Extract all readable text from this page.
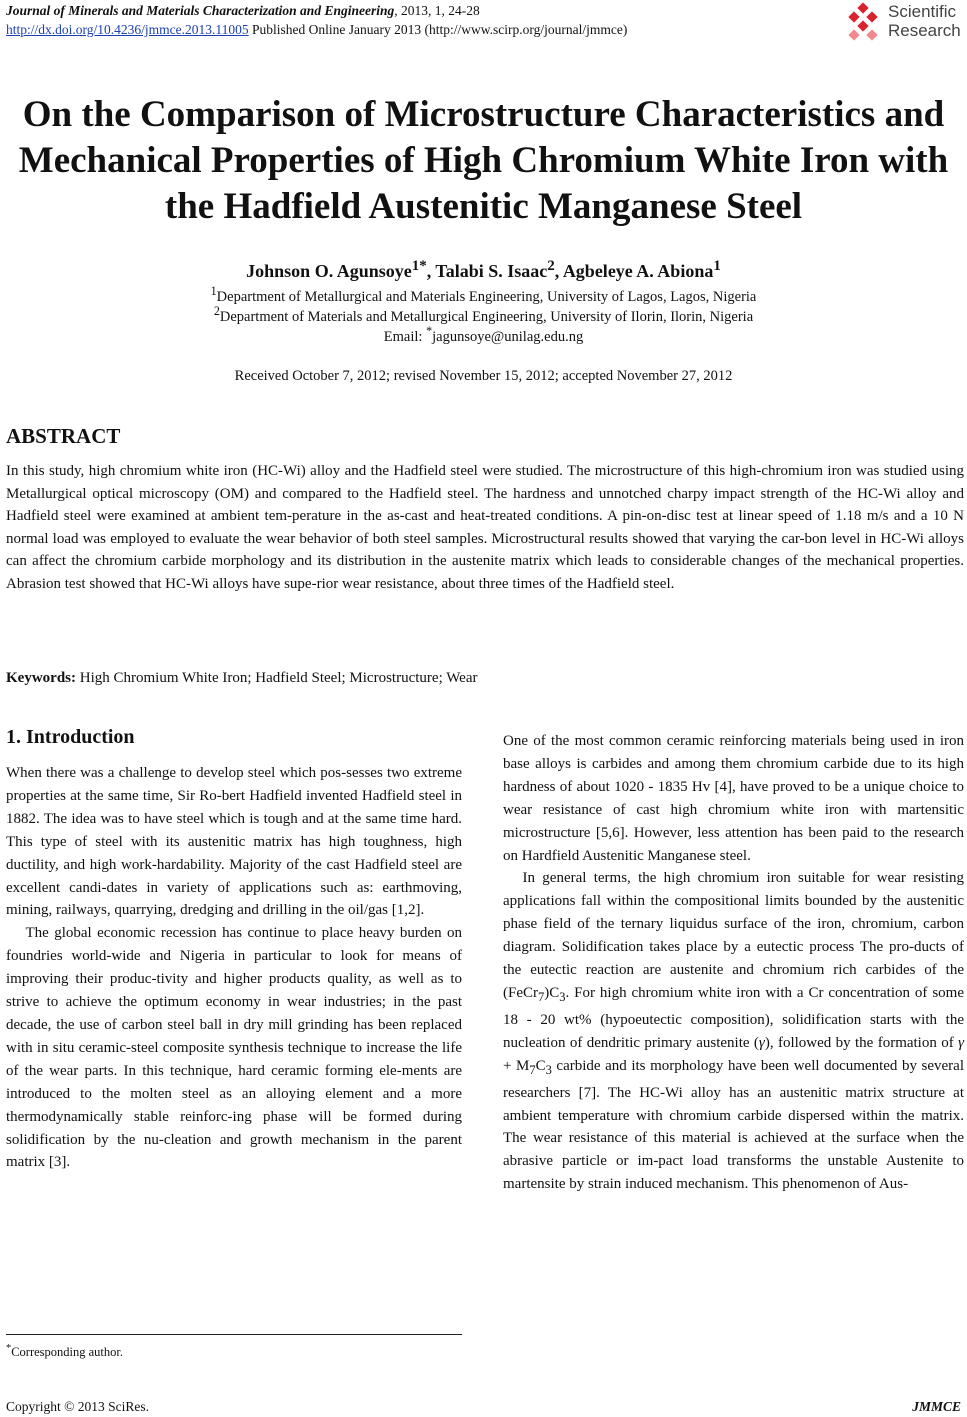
Journal of Minerals and Materials Characterization and Engineering, 2013, 1, 24-28
http://dx.doi.org/10.4236/jmmce.2013.11005 Published Online January 2013 (http://www.scirp.org/journal/jmmce)
Scientific
Research
On the Comparison of Microstructure Characteristics and
Mechanical Properties of High Chromium White Iron with
the Hadfield Austenitic Manganese Steel
Johnson O. Agunsoye$^{1*}$, Talabi S. Isaac$^2$, Agbeleye A. Abiona$^1$
$^1$Department of Metallurgical and Materials Engineering, University of Lagos, Lagos, Nigeria
$^2$Department of Materials and Metallurgical Engineering, University of Ilorin, Ilorin, Nigeria
Email: *jagunsoye@unilag.edu.ng
Received October 7, 2012; revised November 15, 2012; accepted November 27, 2012
ABSTRACT

In this study, high chromium white iron (HC-Wi) alloy and the Hadfield steel were studied. The microstructure of this high-chromium iron was studied using Metallurgical optical microscopy (OM) and compared to the Hadfield steel. The hardness and unnotched charpy impact strength of the HC-Wi alloy and Hadfield steel were examined at ambient tem-perature in the as-cast and heat-treated conditions. A pin-on-disc test at linear speed of 1.18 m/s and a 10 N normal load was employed to evaluate the wear behavior of both steel samples. Microstructural results showed that varying the car-bon level in HC-Wi alloys can affect the chromium carbide morphology and its distribution in the austenite matrix which leads to considerable changes of the mechanical properties. Abrasion test showed that HC-Wi alloys have supe-rior wear resistance, about three times of the Hadfield steel.

Keywords: High Chromium White Iron; Hadfield Steel; Microstructure; Wear
1. Introduction

When there was a challenge to develop steel which pos-sesses two extreme properties at the same time, Sir Ro-bert Hadfield invented Hadfield steel in 1882. The idea was to have steel which is tough and at the same time hard. This type of steel with its austenitic matrix has high toughness, high ductility, and high work-hardability. Majority of the cast Hadfield steel are excellent candi-dates in variety of applications such as: earthmoving, mining, railways, quarrying, dredging and drilling in the oil/gas [1,2].

The global economic recession has continue to place heavy burden on foundries world-wide and Nigeria in particular to look for means of improving their produc-tivity and higher products quality, as well as to strive to achieve the optimum economy in wear industries; in the past decade, the use of carbon steel ball in dry mill grinding has been replaced with in situ ceramic-steel composite synthesis technique to increase the life of the wear parts. In this technique, hard ceramic forming ele-ments are introduced to the molten steel as an alloying element and a more thermodynamically stable reinforc-ing phase will be formed during solidification by the nu-cleation and growth mechanism in the parent matrix [3].

One of the most common ceramic reinforcing materials being used in iron base alloys is carbides and among them chromium carbide due to its high hardness of about 1020 - 1835 Hv [4], have proved to be a unique choice to wear resistance of cast high chromium white iron with martensitic microstructure [5,6]. However, less attention has been paid to the research on Hardfield Austenitic Manganese steel.

In general terms, the high chromium iron suitable for wear resisting applications fall within the compositional limits bounded by the austenitic phase field of the ternary liquidus surface of the iron, chromium, carbon diagram. Solidification takes place by a eutectic process The pro-ducts of the eutectic reaction are austenite and chromium rich carbides of the $(FeCr_7)C_3$. For high chromium white iron with a Cr concentration of some 18 - 20 wt% (hypoeutectic composition), solidification starts with the nucleation of dendritic primary austenite (γ), followed by the formation of $\gamma + M_7C_3$ carbide and its morphology have been well documented by several researchers [7]. The HC-Wi alloy has an austenitic matrix structure at ambient temperature with chromium carbide dispersed within the matrix. The wear resistance of this material is achieved at the surface when the abrasive particle or im-pact load transforms the unstable Austenite to martensite by strain induced mechanism. This phenomenon of Aus-

*Corresponding author.
Copyright © 2013 SciRes.	JMMCE
